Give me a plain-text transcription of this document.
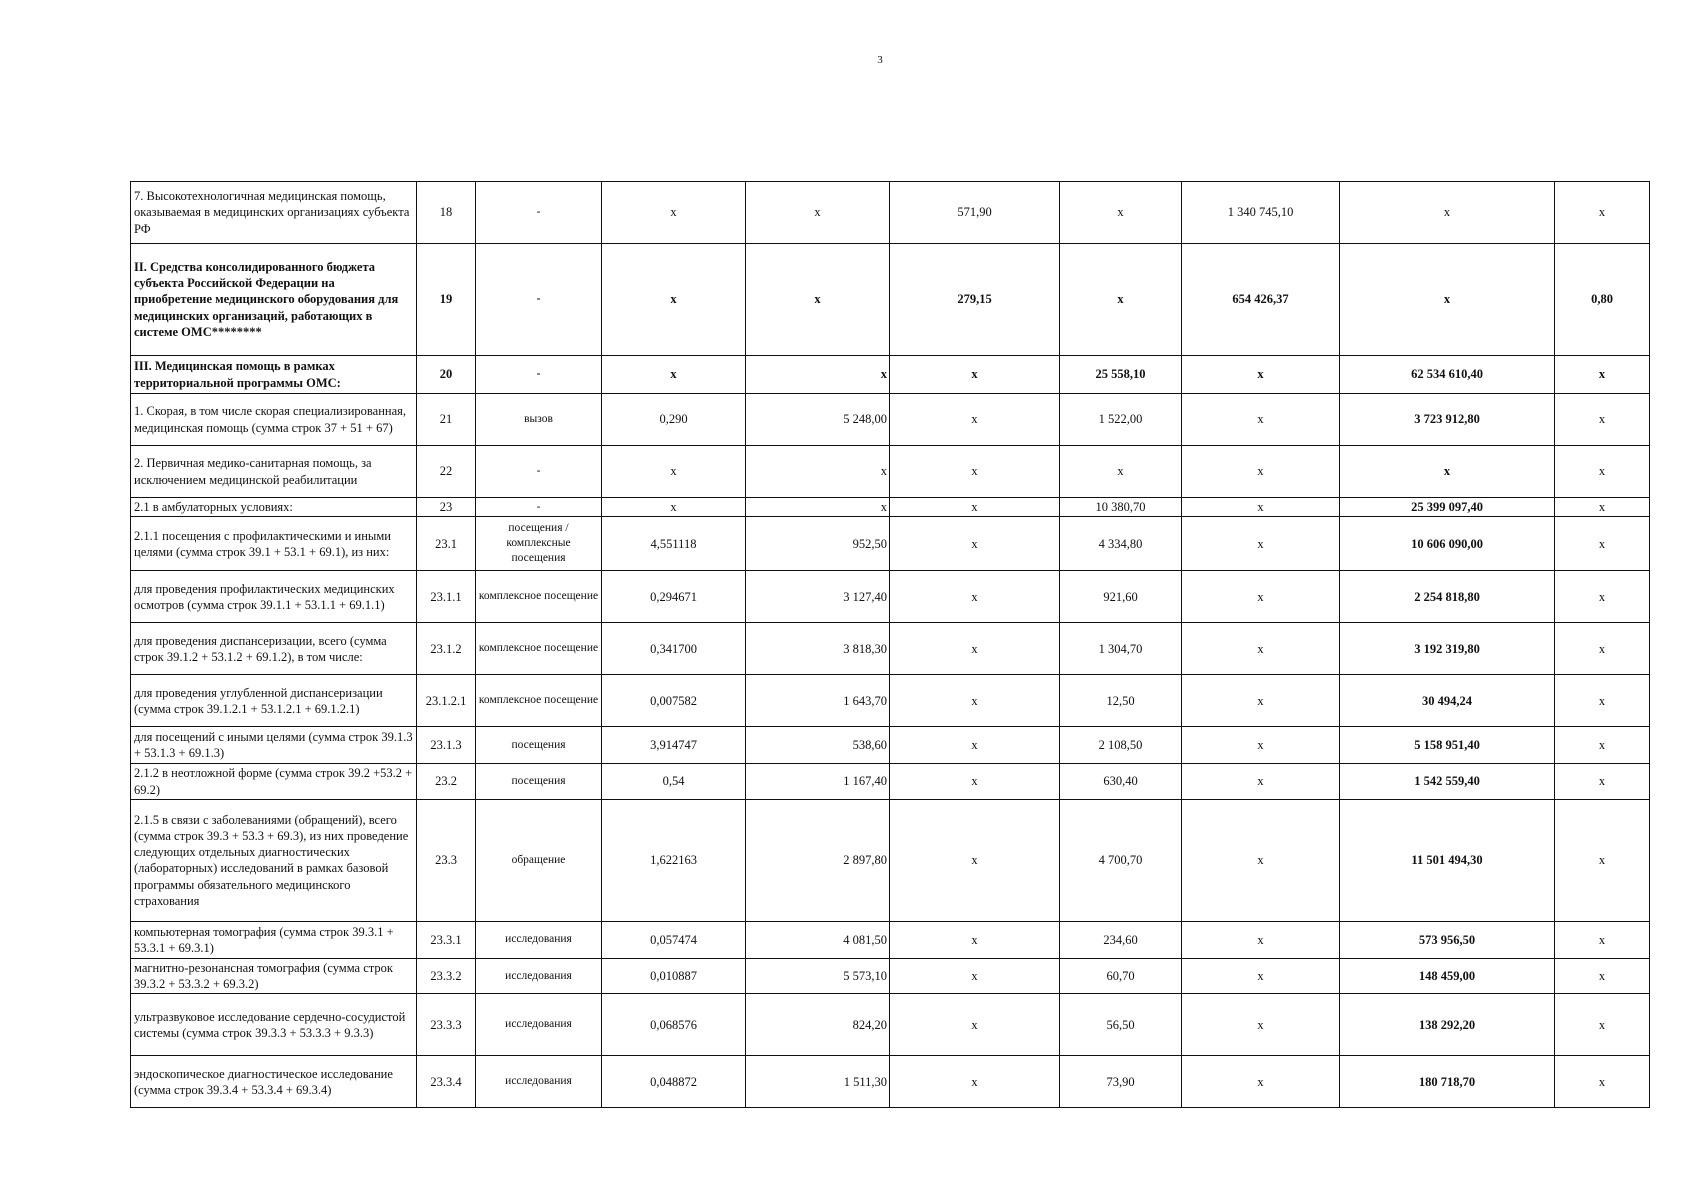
3
7. Высокотехнологичная медицинская помощь, оказываемая в медицинских организациях субъекта РФ	18	-	x	x	571,90	x	1 340 745,10	x	x
II. Средства консолидированного бюджета субъекта Российской Федерации на приобретение медицинского оборудования для медицинских организаций, работающих в системе ОМС********	19	-	x	x	279,15	x	654 426,37	x	0,80
III. Медицинская помощь в рамках территориальной программы ОМС:	20	-	x	x	x	25 558,10	x	62 534 610,40	x
1. Скорая, в том числе скорая специализированная, медицинская помощь (сумма строк 37 + 51 + 67)	21	вызов	0,290	5 248,00	x	1 522,00	x	3 723 912,80	x
2. Первичная медико-санитарная помощь, за исключением медицинской реабилитации	22	-	x	x	x	x	x	x	x
2.1 в амбулаторных условиях:	23	-	x	x	x	10 380,70	x	25 399 097,40	x
2.1.1 посещения с профилактическими и иными целями (сумма строк 39.1 + 53.1 + 69.1), из них:	23.1	посещения / комплексные посещения	4,551118	952,50	x	4 334,80	x	10 606 090,00	x
для проведения профилактических медицинских осмотров (сумма строк 39.1.1 + 53.1.1 + 69.1.1)	23.1.1	комплексное посещение	0,294671	3 127,40	x	921,60	x	2 254 818,80	x
для проведения диспансеризации, всего (сумма строк 39.1.2 + 53.1.2 + 69.1.2), в том числе:	23.1.2	комплексное посещение	0,341700	3 818,30	x	1 304,70	x	3 192 319,80	x
для проведения углубленной диспансеризации (сумма строк 39.1.2.1 + 53.1.2.1 + 69.1.2.1)	23.1.2.1	комплексное посещение	0,007582	1 643,70	x	12,50	x	30 494,24	x
для посещений с иными целями (сумма строк 39.1.3 + 53.1.3 + 69.1.3)	23.1.3	посещения	3,914747	538,60	x	2 108,50	x	5 158 951,40	x
2.1.2 в неотложной форме (сумма строк 39.2 +53.2 + 69.2)	23.2	посещения	0,54	1 167,40	x	630,40	x	1 542 559,40	x
2.1.5 в связи с заболеваниями (обращений), всего (сумма строк 39.3 + 53.3 + 69.3), из них проведение следующих отдельных диагностических (лабораторных) исследований в рамках базовой программы обязательного медицинского страхования	23.3	обращение	1,622163	2 897,80	x	4 700,70	x	11 501 494,30	x
компьютерная томография (сумма строк 39.3.1 + 53.3.1 + 69.3.1)	23.3.1	исследования	0,057474	4 081,50	x	234,60	x	573 956,50	x
магнитно-резонансная томография (сумма строк 39.3.2 + 53.3.2 + 69.3.2)	23.3.2	исследования	0,010887	5 573,10	x	60,70	x	148 459,00	x
ультразвуковое исследование сердечно-сосудистой системы (сумма строк 39.3.3 + 53.3.3 + 9.3.3)	23.3.3	исследования	0,068576	824,20	x	56,50	x	138 292,20	x
эндоскопическое диагностическое исследование (сумма строк 39.3.4 + 53.3.4 + 69.3.4)	23.3.4	исследования	0,048872	1 511,30	x	73,90	x	180 718,70	x
